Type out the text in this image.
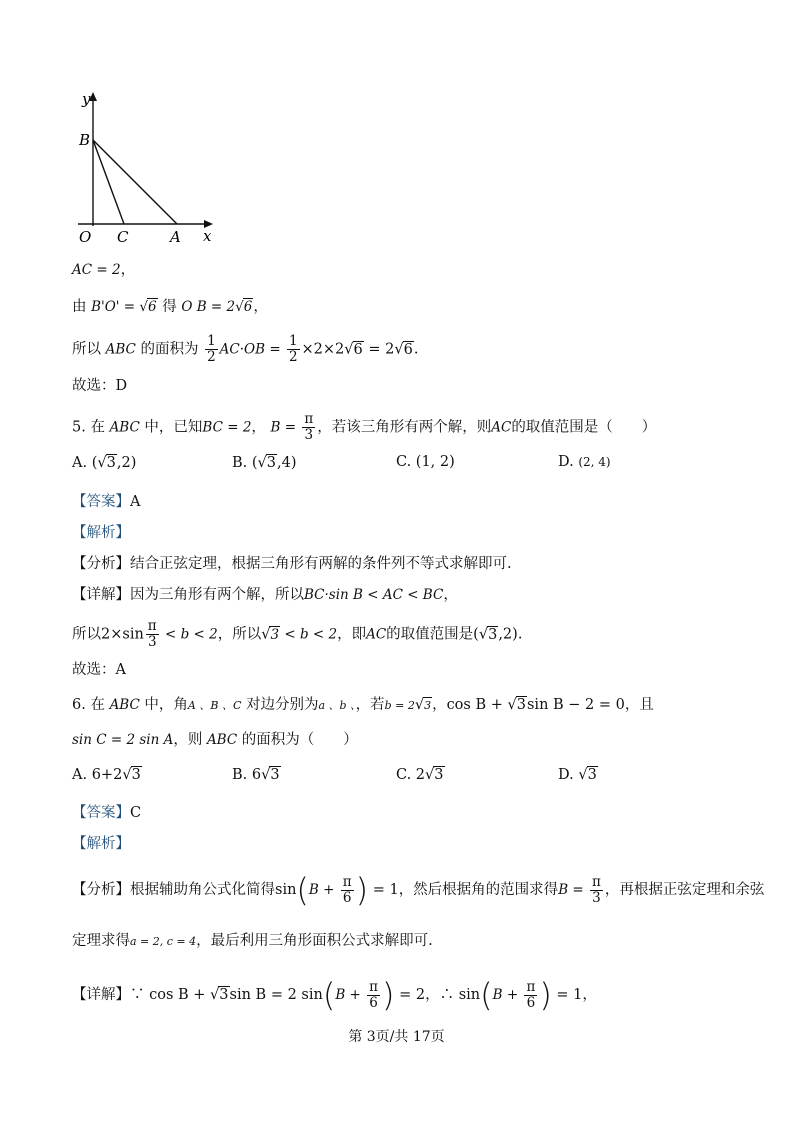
y
x
B
O C	A
AC = 2，
由 B'O' = √6 得 O B = 2√6，
所以 ABC 的面积为 $\frac{1}{2} AC\cdot OB = \frac{1}{2} \times 2\times 2√6 = 2√6$.
故选：D
5. 在 ABC 中，已知BC = 2， $B = \frac{\pi}{3}$ ，若该三角形有两个解，则AC的取值范围是（　　）
A. (√3,2)	B. (√3,4)	C. (1, 2)	D. (2, 4)
【答案】A
【解析】
【分析】结合正弦定理，根据三角形有两解的条件列不等式求解即可.
【详解】因为三角形有两个解，所以BC·sin B < AC < BC，
所以$2\times\sin \frac{\pi}{3} < b < 2$，所以√3 < b < 2，即AC的取值范围是(√3,2).
故选：A
6. 在 ABC 中，角A 、B 、C 对边分别为a 、b 、，若b = 2√3，cos B + √3sin B − 2 = 0，且
sin C = 2 sin A，则 ABC 的面积为（　　）
A. 6+2√3	B. 6√3	C. 2√3	D. √3
【答案】C
【解析】
【分析】根据辅助角公式化简得$\sin(B + \frac{\pi}{6}$ ) = 1，然后根据角的范围求得$B = \frac{\pi}{3}$ ，再根据正弦定理和余弦
定理求得a = 2, c = 4，最后利用三角形面积公式求解即可.
【详解】∵ cos B + √3sin B = 2 $\sin(B + \frac{\pi}{6}$ ) = 2，∴ $\sin(B + \frac{\pi}{6}$ ) = 1，
第 3页/共 17页
